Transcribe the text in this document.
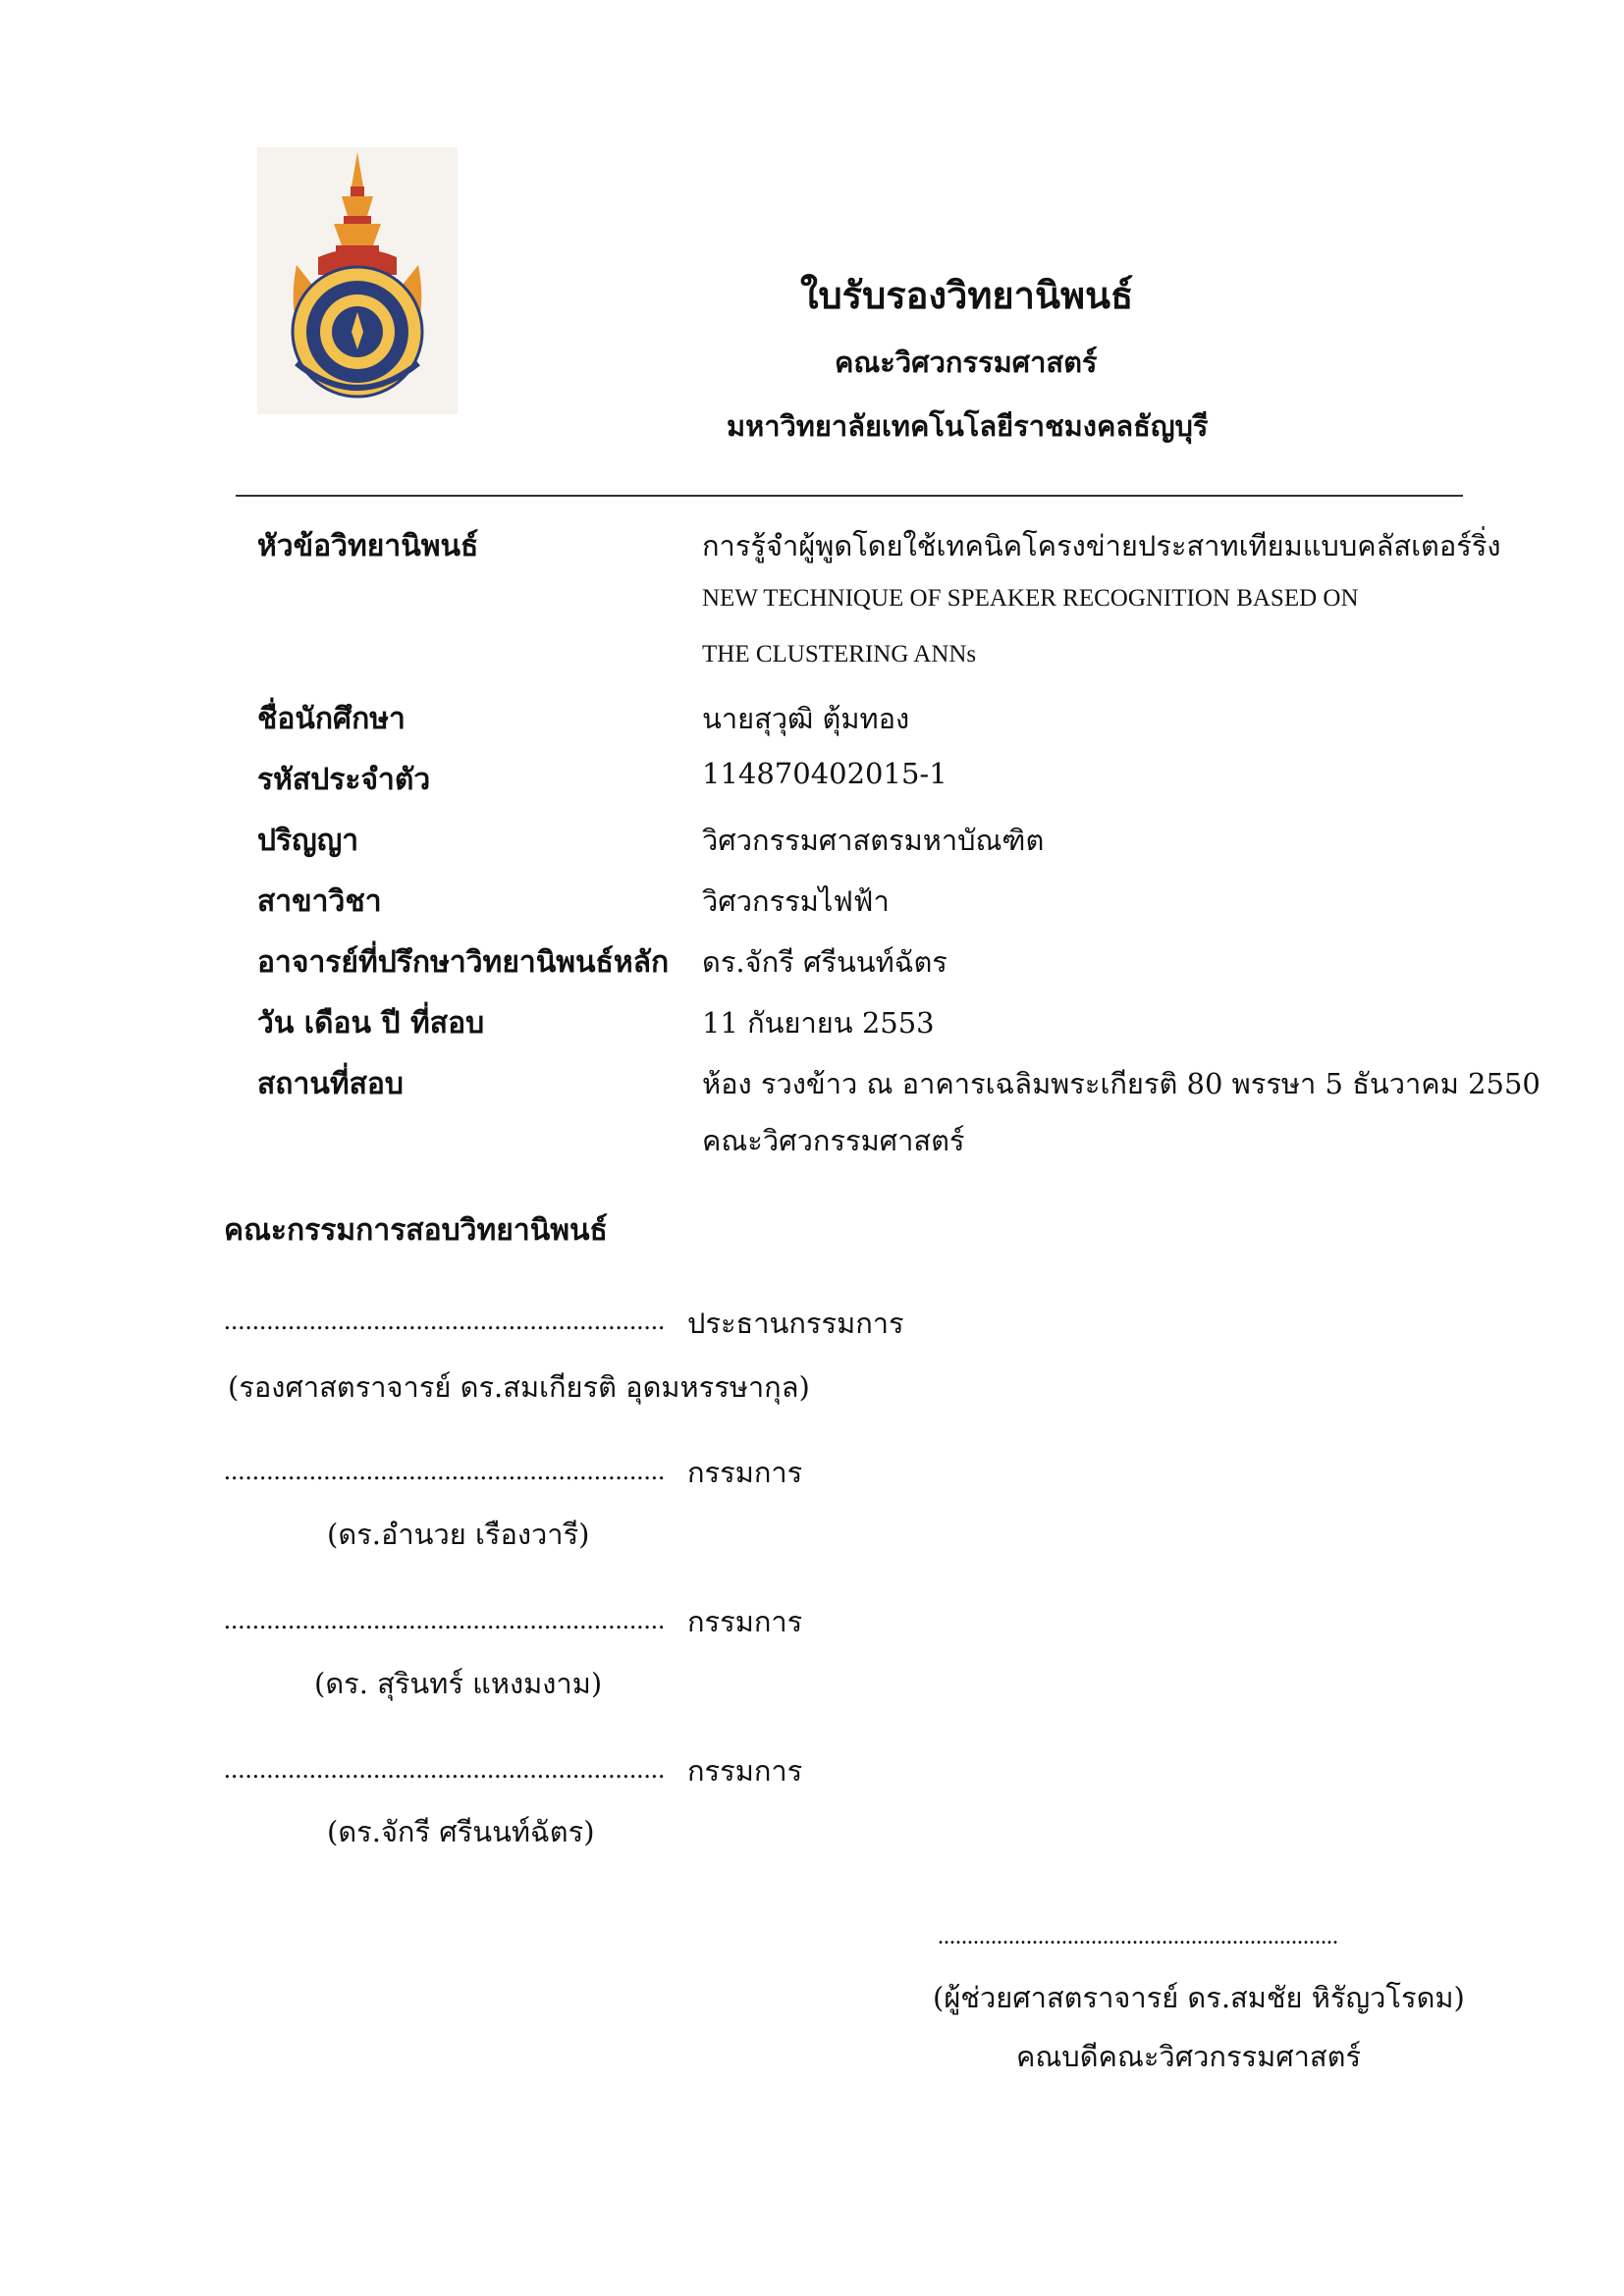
ใบรับรองวิทยานิพนธ์
คณะวิศวกรรมศาสตร์
มหาวิทยาลัยเทคโนโลยีราชมงคลธัญบุรี
หัวข้อวิทยานิพนธ์	การรู้จำผู้พูดโดยใช้เทคนิคโครงข่ายประสาทเทียมแบบคลัสเตอร์ริ่ง
NEW TECHNIQUE OF SPEAKER RECOGNITION BASED ON
THE CLUSTERING ANNs
ชื่อนักศึกษา	นายสุวุฒิ ตุ้มทอง
รหัสประจำตัว	114870402015-1
ปริญญา	วิศวกรรมศาสตรมหาบัณฑิต
สาขาวิชา	วิศวกรรมไฟฟ้า
อาจารย์ที่ปรึกษาวิทยานิพนธ์หลัก ดร.จักรี ศรีนนท์ฉัตร
วัน เดือน ปี ที่สอบ	11 กันยายน 2553
สถานที่สอบ	ห้อง รวงข้าว ณ อาคารเฉลิมพระเกียรติ 80 พรรษา 5 ธันวาคม 2550
คณะวิศวกรรมศาสตร์
คณะกรรมการสอบวิทยานิพนธ์
.............................................................. ประธานกรรมการ
(รองศาสตราจารย์ ดร.สมเกียรติ อุดมหรรษากุล)
.............................................................. กรรมการ
(ดร.อำนวย เรืองวารี)
.............................................................. กรรมการ
(ดร. สุรินทร์ แหงมงาม)
.............................................................. กรรมการ
(ดร.จักรี ศรีนนท์ฉัตร)
....................................................................
(ผู้ช่วยศาสตราจารย์ ดร.สมชัย หิรัญวโรดม)
คณบดีคณะวิศวกรรมศาสตร์
